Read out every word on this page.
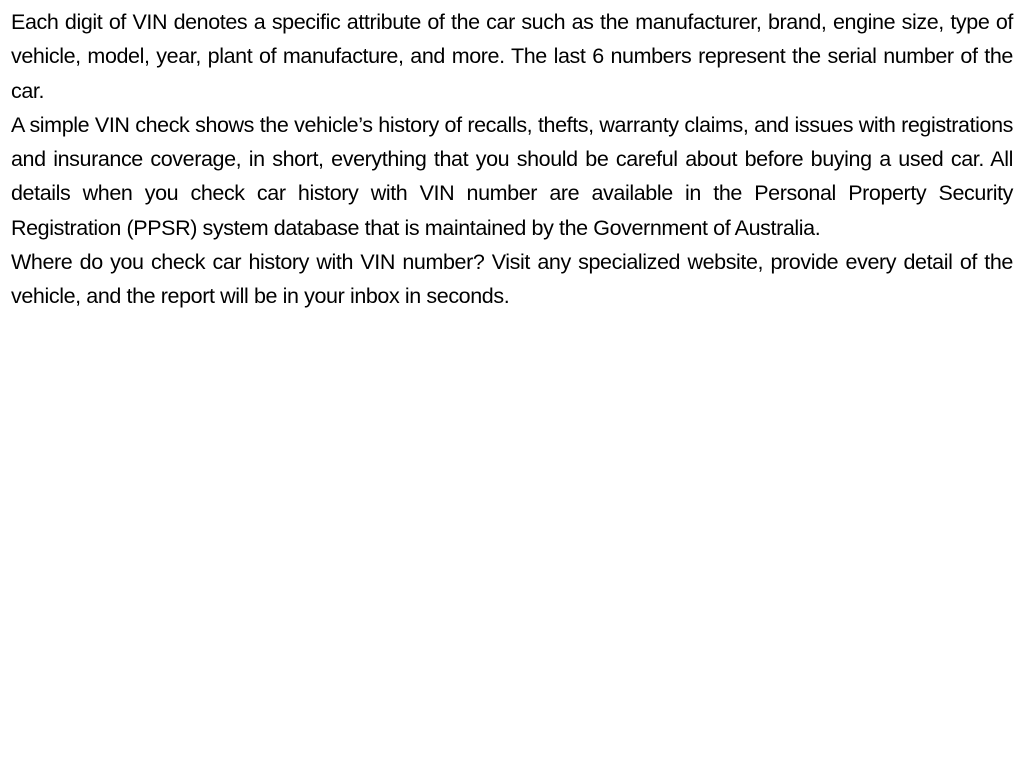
Each digit of VIN denotes a specific attribute of the car such as the manufacturer, brand, engine size, type of vehicle, model, year, plant of manufacture, and more. The last 6 numbers represent the serial number of the car.

A simple VIN check shows the vehicle’s history of recalls, thefts, warranty claims, and issues with registrations and insurance coverage, in short, everything that you should be careful about before buying a used car. All details when you check car history with VIN number are available in the Personal Property Security Registration (PPSR) system database that is maintained by the Government of Australia.

Where do you check car history with VIN number? Visit any specialized website, provide every detail of the vehicle, and the report will be in your inbox in seconds.
